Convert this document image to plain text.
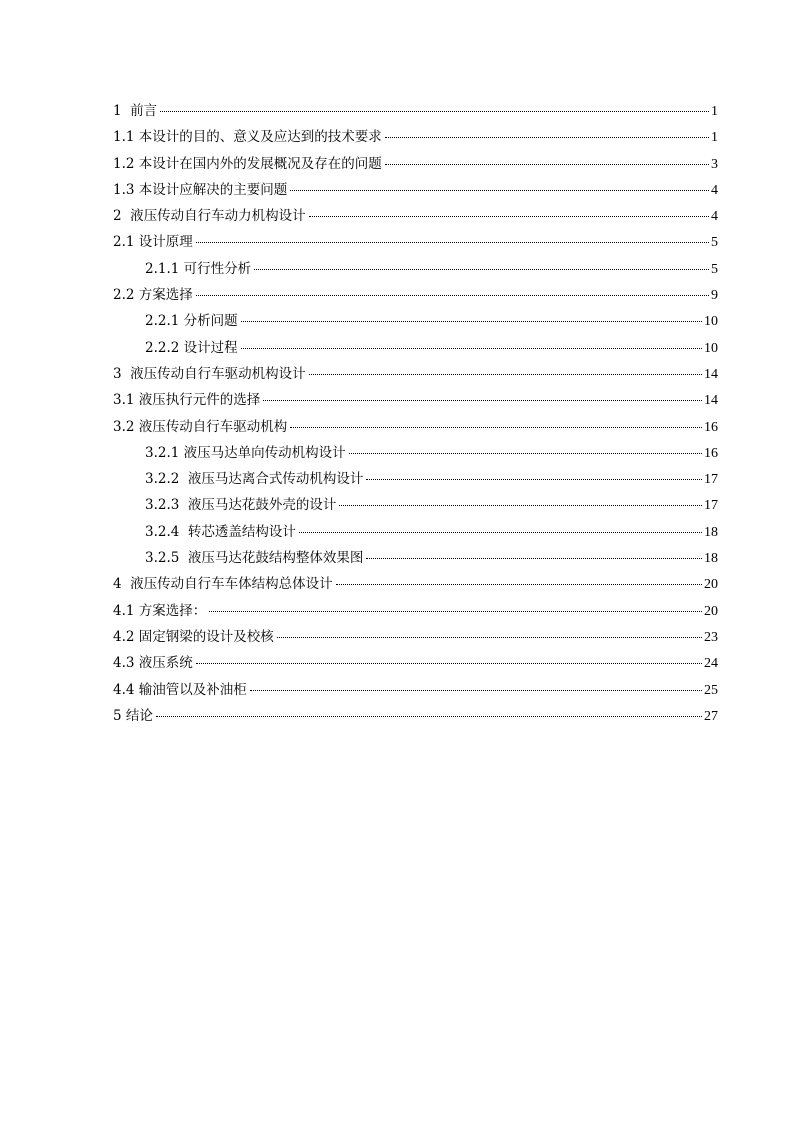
1  前言	1
1.1 本设计的目的、意义及应达到的技术要求	1
1.2 本设计在国内外的发展概况及存在的问题	3
1.3 本设计应解决的主要问题	4
2  液压传动自行车动力机构设计	4
2.1 设计原理	5
2.1.1 可行性分析	5
2.2 方案选择	9
2.2.1 分析问题	10
2.2.2 设计过程	10
3  液压传动自行车驱动机构设计	14
3.1 液压执行元件的选择	14
3.2 液压传动自行车驱动机构	16
3.2.1 液压马达单向传动机构设计	16
3.2.2  液压马达离合式传动机构设计	17
3.2.3  液压马达花鼓外壳的设计	17
3.2.4  转芯透盖结构设计	18
3.2.5  液压马达花鼓结构整体效果图	18
4  液压传动自行车车体结构总体设计	20
4.1 方案选择：	20
4.2 固定钢梁的设计及校核	23
4.3 液压系统	24
4.4 输油管以及补油柜	25
5 结论	27
